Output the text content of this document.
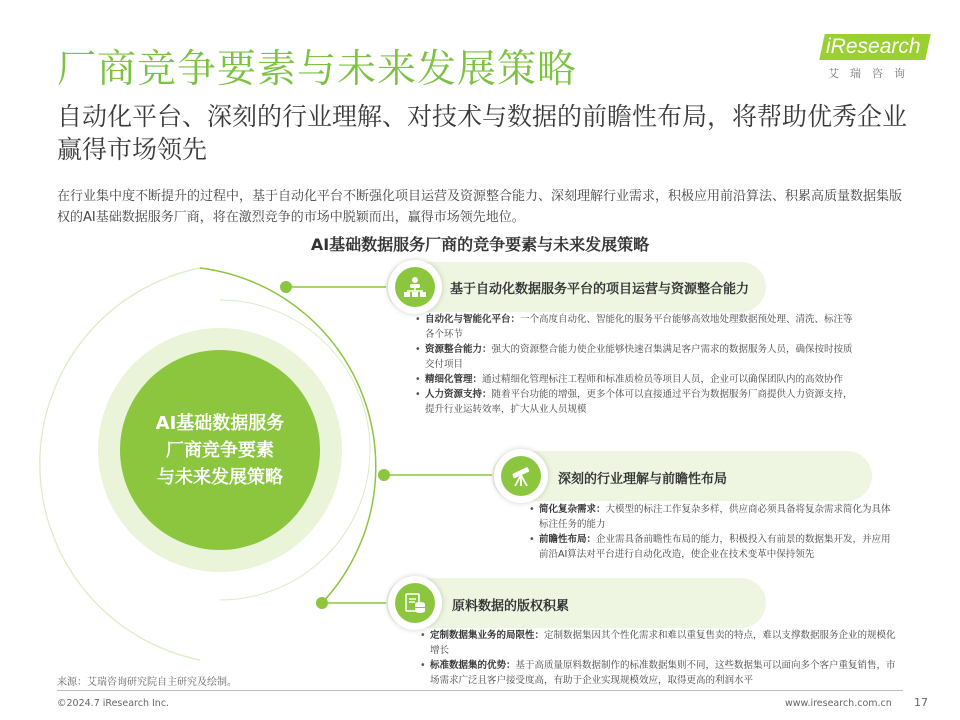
厂商竞争要素与未来发展策略
自动化平台、深刻的行业理解、对技术与数据的前瞻性布局，将帮助优秀企业赢得市场领先
iResearch
艾瑞咨询
在行业集中度不断提升的过程中，基于自动化平台不断强化项目运营及资源整合能力、深刻理解行业需求，积极应用前沿算法、积累高质量数据集版权的AI基础数据服务厂商，将在激烈竞争的市场中脱颖而出，赢得市场领先地位。
AI基础数据服务厂商的竞争要素与未来发展策略
AI基础数据服务
厂商竞争要素
与未来发展策略
基于自动化数据服务平台的项目运营与资源整合能力
• 自动化与智能化平台：一个高度自动化、智能化的服务平台能够高效地处理数据预处理、清洗、标注等各个环节
• 资源整合能力：强大的资源整合能力使企业能够快速召集满足客户需求的数据服务人员，确保按时按质交付项目
• 精细化管理：通过精细化管理标注工程师和标准质检员等项目人员，企业可以确保团队内的高效协作
• 人力资源支持：随着平台功能的增强，更多个体可以直接通过平台为数据服务厂商提供人力资源支持，提升行业运转效率，扩大从业人员规模
深刻的行业理解与前瞻性布局
• 简化复杂需求：大模型的标注工作复杂多样，供应商必须具备将复杂需求简化为具体标注任务的能力
• 前瞻性布局：企业需具备前瞻性布局的能力，积极投入有前景的数据集开发，并应用前沿AI算法对平台进行自动化改造，使企业在技术变革中保持领先
原料数据的版权积累
• 定制数据集业务的局限性：定制数据集因其个性化需求和难以重复售卖的特点，难以支撑数据服务企业的规模化增长
• 标准数据集的优势：基于高质量原料数据制作的标准数据集则不同，这些数据集可以面向多个客户重复销售，市场需求广泛且客户接受度高，有助于企业实现规模效应，取得更高的利润水平
来源：艾瑞咨询研究院自主研究及绘制。
©2024.7 iResearch Inc.	www.iresearch.com.cn 17
